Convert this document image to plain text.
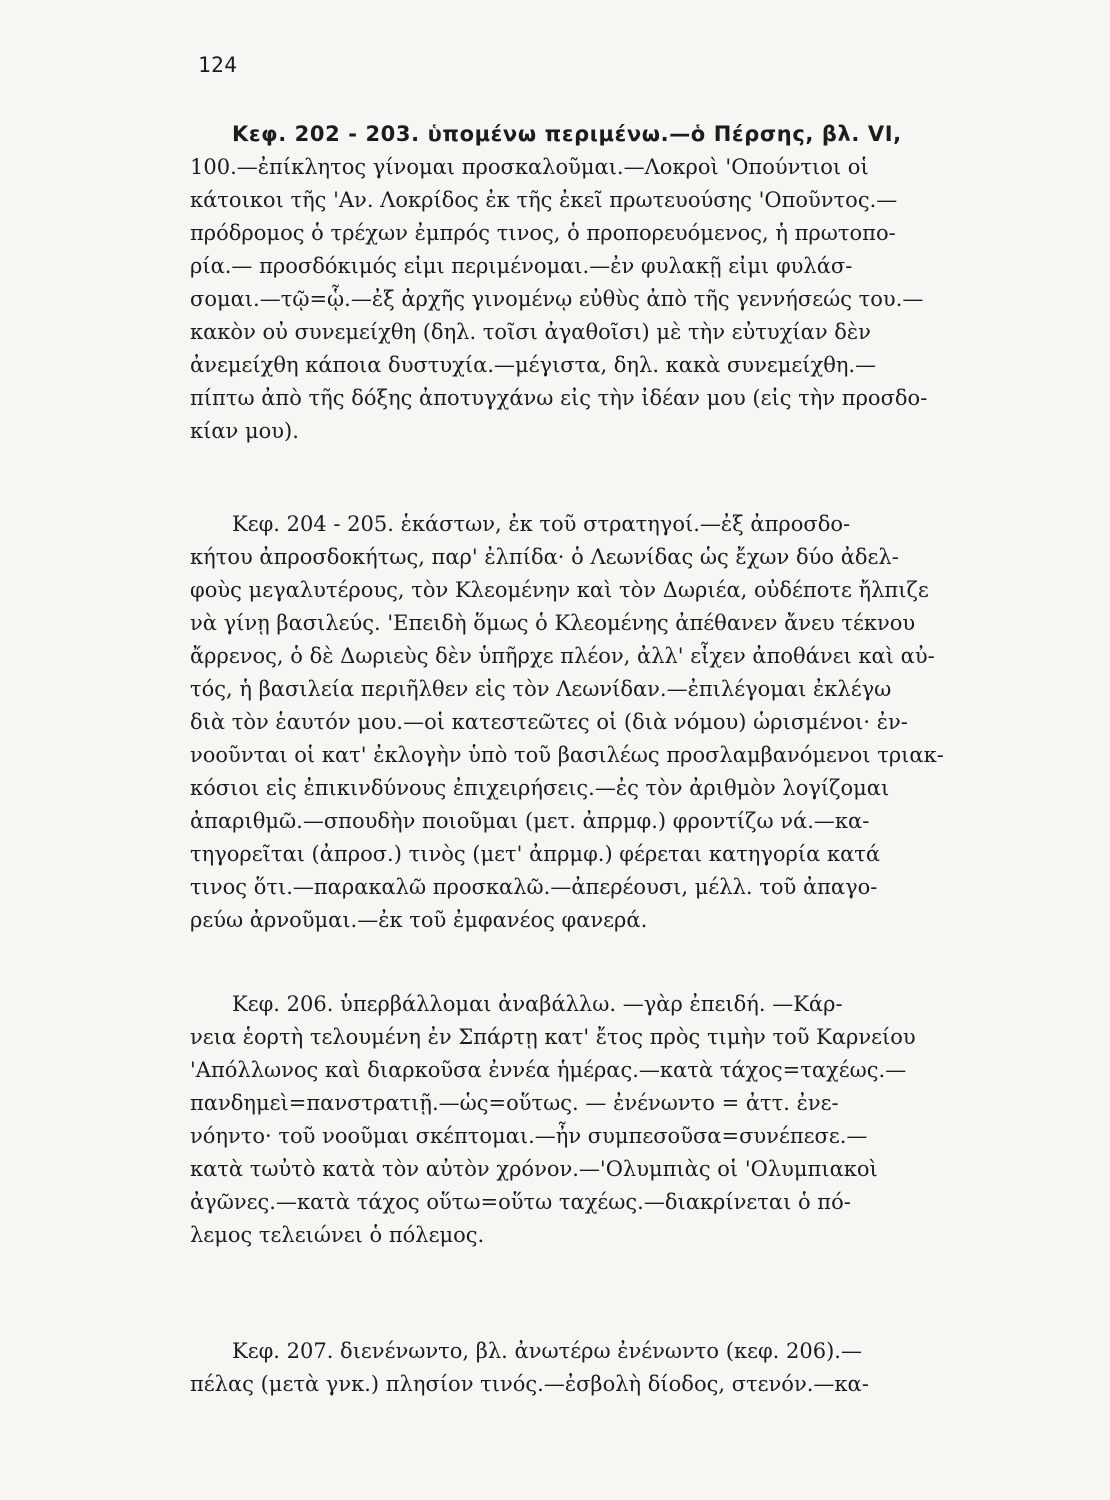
124
Κεφ. 202 - 203. ὑπομένω περιμένω.—ὁ Πέρσης, βλ. VI,
100.—ἐπίκλητος γίνομαι προσκαλοῦμαι.—Λοκροὶ 'Οπούντιοι οἱ
κάτοικοι τῆς 'Αν. Λοκρίδος ἐκ τῆς ἐκεῖ πρωτευούσης 'Οποῦντος.—
πρόδρομος ὁ τρέχων ἐμπρός τινος, ὁ προπορευόμενος, ἡ πρωτοπο-
ρία.— προσδόκιμός εἰμι περιμένομαι.—ἐν φυλακῇ εἰμι φυλάσ-
σομαι.—τῷ=ᾧ.—ἐξ ἀρχῆς γινομένῳ εὐθὺς ἀπὸ τῆς γεννήσεώς του.—
κακὸν οὐ συνεμείχθη (δηλ. τοῖσι ἀγαθοῖσι) μὲ τὴν εὐτυχίαν δὲν
ἀνεμείχθη κάποια δυστυχία.—μέγιστα, δηλ. κακὰ συνεμείχθη.—
πίπτω ἀπὸ τῆς δόξης ἀποτυγχάνω εἰς τὴν ἰδέαν μου (εἰς τὴν προσδο-
κίαν μου).
Κεφ. 204 - 205. ἑκάστων, ἐκ τοῦ στρατηγοί.—ἐξ ἀπροσδο-
κήτου ἀπροσδοκήτως, παρ' ἐλπίδα· ὁ Λεωνίδας ὡς ἔχων δύο ἀδελ-
φοὺς μεγαλυτέρους, τὸν Κλεομένην καὶ τὸν Δωριέα, οὐδέποτε ἤλπιζε
νὰ γίνῃ βασιλεύς. 'Επειδὴ ὅμως ὁ Κλεομένης ἀπέθανεν ἄνευ τέκνου
ἄρρενος, ὁ δὲ Δωριεὺς δὲν ὑπῆρχε πλέον, ἀλλ' εἶχεν ἀποθάνει καὶ αὐ-
τός, ἡ βασιλεία περιῆλθεν εἰς τὸν Λεωνίδαν.—ἐπιλέγομαι ἐκλέγω
διὰ τὸν ἑαυτόν μου.—οἱ κατεστεῶτες οἱ (διὰ νόμου) ὡρισμένοι· ἐν-
νοοῦνται οἱ κατ' ἐκλογὴν ὑπὸ τοῦ βασιλέως προσλαμβανόμενοι τριακ-
κόσιοι εἰς ἐπικινδύνους ἐπιχειρήσεις.—ἐς τὸν ἀριθμὸν λογίζομαι
ἀπαριθμῶ.—σπουδὴν ποιοῦμαι (μετ. ἀπρμφ.) φροντίζω νά.—κα-
τηγορεῖται (ἀπροσ.) τινὸς (μετ' ἀπρμφ.) φέρεται κατηγορία κατά
τινος ὅτι.—παρακαλῶ προσκαλῶ.—ἀπερέουσι, μέλλ. τοῦ ἀπαγο-
ρεύω ἀρνοῦμαι.—ἐκ τοῦ ἐμφανέος φανερά.
Κεφ. 206. ὑπερβάλλομαι ἀναβάλλω. —γὰρ ἐπειδή. —Κάρ-
νεια ἑορτὴ τελουμένη ἐν Σπάρτῃ κατ' ἔτος πρὸς τιμὴν τοῦ Καρνείου
'Απόλλωνος καὶ διαρκοῦσα ἐννέα ἡμέρας.—κατὰ τάχος=ταχέως.—
πανδημεὶ=πανστρατιῇ.—ὡς=οὕτως. — ἐνένωντο = ἀττ. ἐνε-
νόηντο· τοῦ νοοῦμαι σκέπτομαι.—ἦν συμπεσοῦσα=συνέπεσε.—
κατὰ τωὐτὸ κατὰ τὸν αὐτὸν χρόνον.—'Ολυμπιὰς οἱ 'Ολυμπιακοὶ
ἀγῶνες.—κατὰ τάχος οὕτω=οὕτω ταχέως.—διακρίνεται ὁ πό-
λεμος τελειώνει ὁ πόλεμος.
Κεφ. 207. διενένωντο, βλ. ἀνωτέρω ἐνένωντο (κεφ. 206).—
πέλας (μετὰ γνκ.) πλησίον τινός.—ἐσβολὴ δίοδος, στενόν.—κα-
